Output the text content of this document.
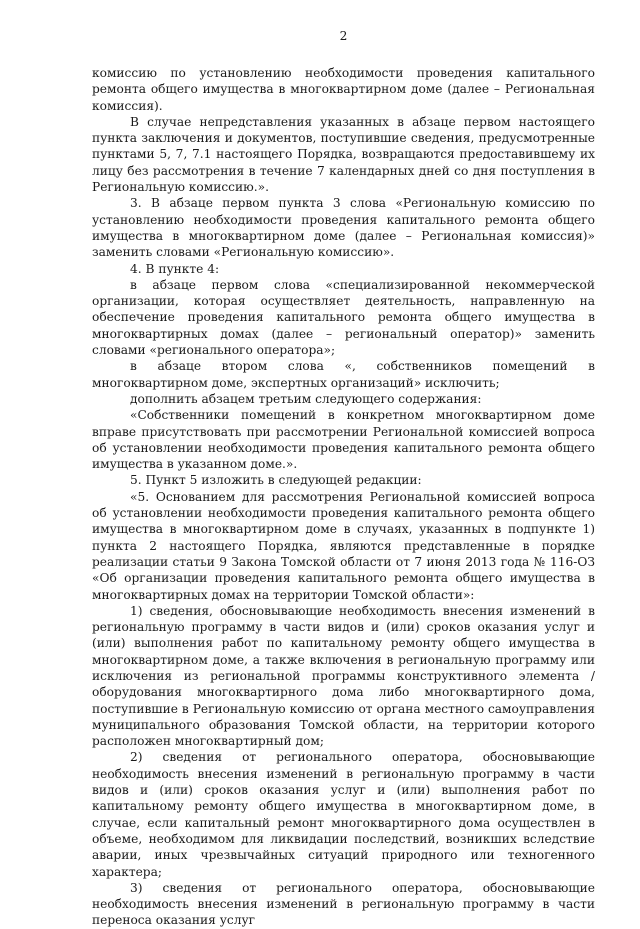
2

комиссию по установлению необходимости проведения капитального ремонта общего имущества в многоквартирном доме (далее – Региональная комиссия).

В случае непредставления указанных в абзаце первом настоящего пункта заключения и документов, поступившие сведения, предусмотренные пунктами 5, 7, 7.1 настоящего Порядка, возвращаются предоставившему их лицу без рассмотрения в течение 7 календарных дней со дня поступления в Региональную комиссию.».

3. В абзаце первом пункта 3 слова «Региональную комиссию по установлению необходимости проведения капитального ремонта общего имущества в многоквартирном доме (далее – Региональная комиссия)» заменить словами «Региональную комиссию».

4. В пункте 4:

в абзаце первом слова «специализированной некоммерческой организации, которая осуществляет деятельность, направленную на обеспечение проведения капитального ремонта общего имущества в многоквартирных домах (далее – региональный оператор)» заменить словами «регионального оператора»;

в абзаце втором слова «, собственников помещений в многоквартирном доме, экспертных организаций» исключить;

дополнить абзацем третьим следующего содержания:

«Собственники помещений в конкретном многоквартирном доме вправе присутствовать при рассмотрении Региональной комиссией вопроса об установлении необходимости проведения капитального ремонта общего имущества в указанном доме.».

5. Пункт 5 изложить в следующей редакции:

«5. Основанием для рассмотрения Региональной комиссией вопроса об установлении необходимости проведения капитального ремонта общего имущества в многоквартирном доме в случаях, указанных в подпункте 1) пункта 2 настоящего Порядка, являются представленные в порядке реализации статьи 9 Закона Томской области от 7 июня 2013 года № 116-ОЗ «Об организации проведения капитального ремонта общего имущества в многоквартирных домах на территории Томской области»:

1) сведения, обосновывающие необходимость внесения изменений в региональную программу в части видов и (или) сроков оказания услуг и (или) выполнения работ по капитальному ремонту общего имущества в многоквартирном доме, а также включения в региональную программу или исключения из региональной программы конструктивного элемента / оборудования многоквартирного дома либо многоквартирного дома, поступившие в Региональную комиссию от органа местного самоуправления муниципального образования Томской области, на территории которого расположен многоквартирный дом;

2) сведения от регионального оператора, обосновывающие необходимость внесения изменений в региональную программу в части видов и (или) сроков оказания услуг и (или) выполнения работ по капитальному ремонту общего имущества в многоквартирном доме, в случае, если капитальный ремонт многоквартирного дома осуществлен в объеме, необходимом для ликвидации последствий, возникших вследствие аварии, иных чрезвычайных ситуаций природного или техногенного характера;

3) сведения от регионального оператора, обосновывающие необходимость внесения изменений в региональную программу в части переноса оказания услуг
